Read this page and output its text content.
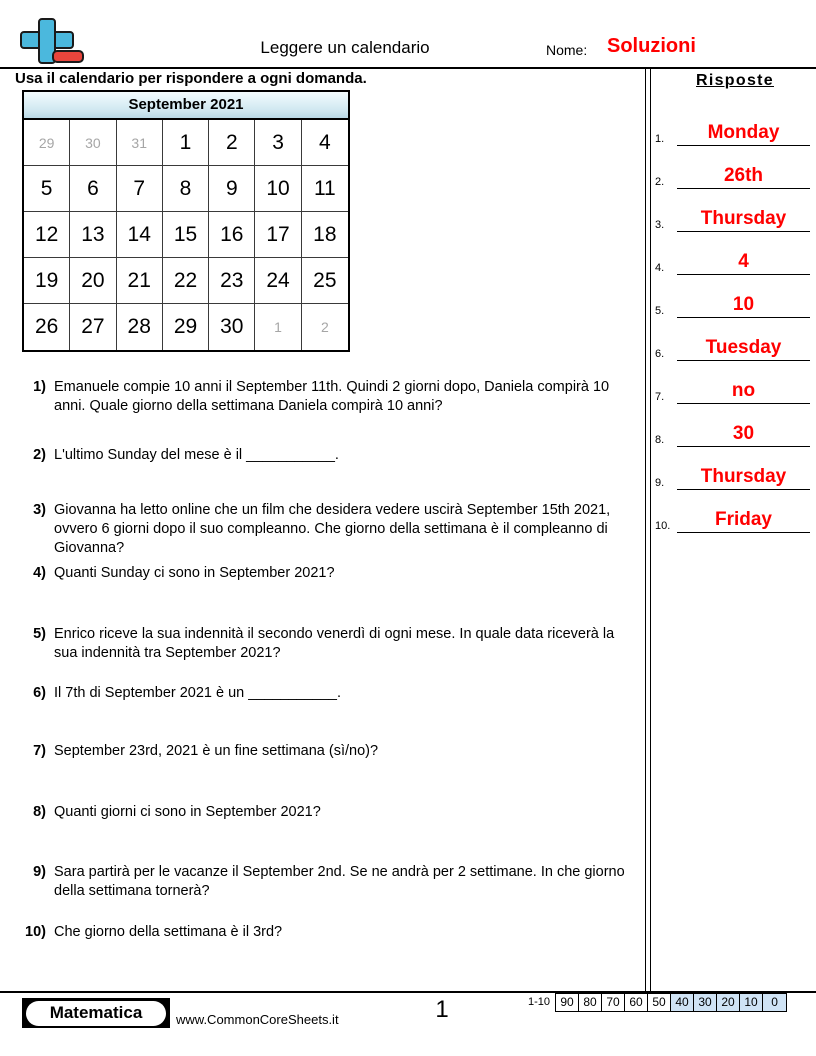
Leggere un calendario	Nome: Soluzioni
Usa il calendario per rispondere a ogni domanda.
September 2021
29	30	31	1	2	3	4
5	6	7	8	9	10	11
12	13	14	15	16	17	18
19	20	21	22	23	24	25
26	27	28	29	30	1	2
1) Emanuele compie 10 anni il September 11th. Quindi 2 giorni dopo, Daniela compirà 10 anni. Quale giorno della settimana Daniela compirà 10 anni?
2) L'ultimo Sunday del mese è il ___________.
3) Giovanna ha letto online che un film che desidera vedere uscirà September 15th 2021, ovvero 6 giorni dopo il suo compleanno. Che giorno della settimana è il compleanno di Giovanna?
4) Quanti Sunday ci sono in September 2021?
5) Enrico riceve la sua indennità il secondo venerdì di ogni mese. In quale data riceverà la sua indennità tra September 2021?
6) Il 7th di September 2021 è un ___________.
7) September 23rd, 2021 è un fine settimana (sì/no)?
8) Quanti giorni ci sono in September 2021?
9) Sara partirà per le vacanze il September 2nd. Se ne andrà per 2 settimane. In che giorno della settimana tornerà?
10) Che giorno della settimana è il 3rd?
Risposte
1.	Monday
2.	26th
3.	Thursday
4.	4
5.	10
6.	Tuesday
7.	no
8.	30
9.	Thursday
10.	Friday
Matematica	www.CommonCoreSheets.it	1	1-10 90 80 70 60 50 40 30 20 10	0
